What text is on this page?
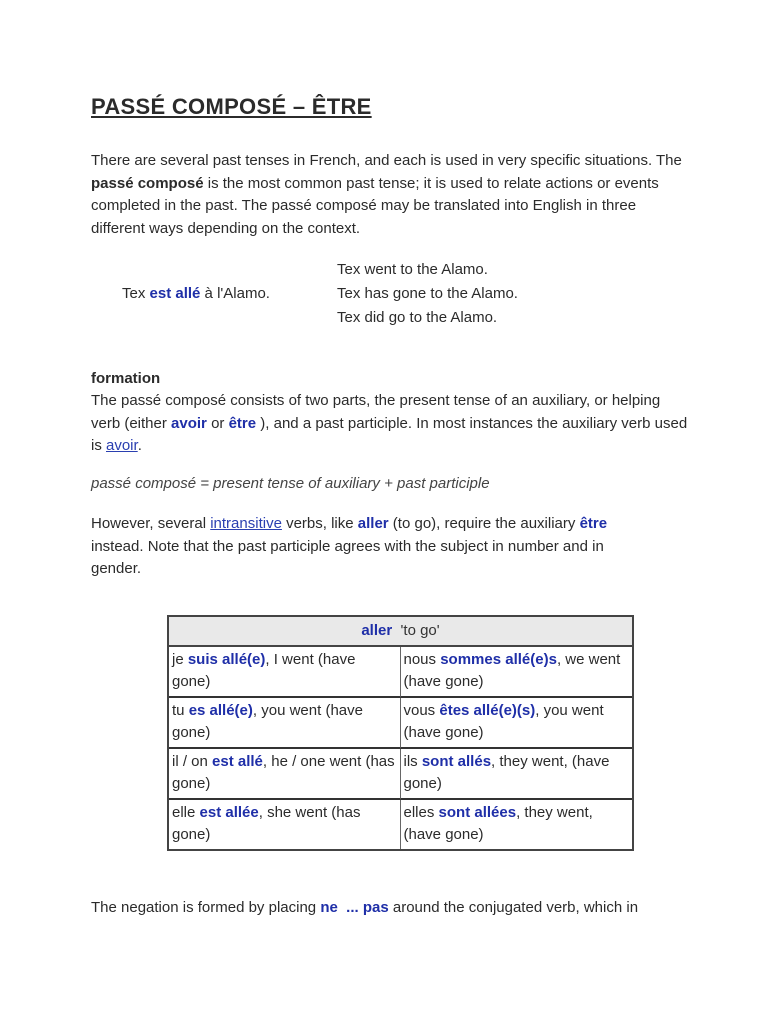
PASSÉ COMPOSÉ – ÊTRE

There are several past tenses in French, and each is used in very specific situations. The passé composé is the most common past tense; it is used to relate actions or events completed in the past. The passé composé may be translated into English in three different ways depending on the context.

Tex est allé à l'Alamo.

Tex went to the Alamo.
Tex has gone to the Alamo.
Tex did go to the Alamo.

formation

The passé composé consists of two parts, the present tense of an auxiliary, or helping verb (either avoir or être ), and a past participle. In most instances the auxiliary verb used is avoir.

passé composé = present tense of auxiliary + past participle

However, several intransitive verbs, like aller (to go), require the auxiliary être instead. Note that the past participle agrees with the subject in number and in gender.

aller  'to go'	
je suis allé(e), I went (have gone)	nous sommes allé(e)s, we went (have gone)
tu es allé(e), you went (have gone)	vous êtes allé(e)(s), you went (have gone)
il / on est allé, he / one went (has gone)	ils sont allés, they went, (have gone)
elle est allée, she went (has gone)	elles sont allées, they went, (have gone)

The negation is formed by placing ne  ... pas around the conjugated verb, which in
